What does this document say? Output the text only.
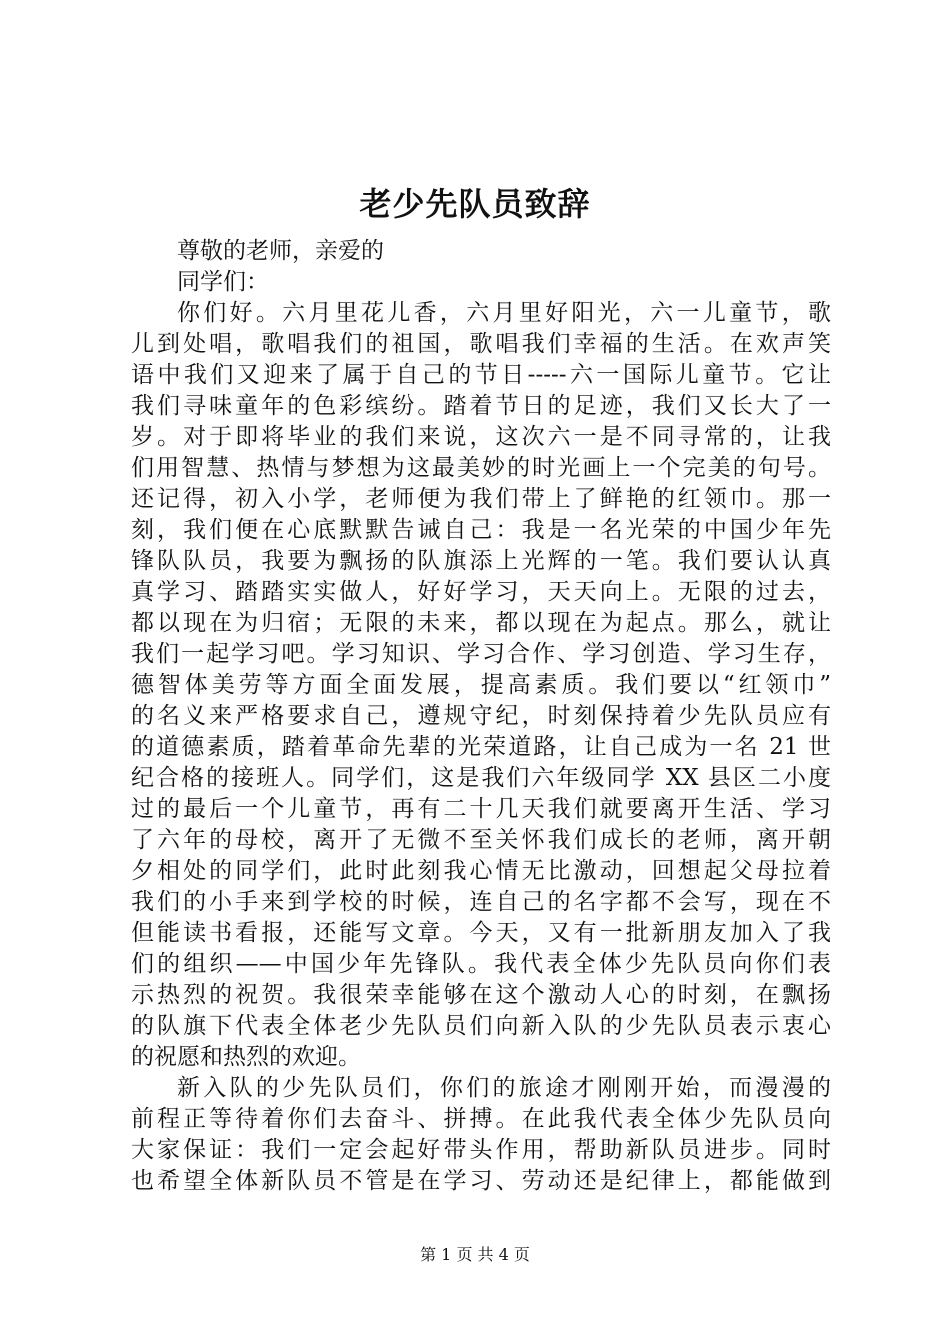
老少先队员致辞
尊敬的老师，亲爱的
同学们：
你们好。六月里花儿香，六月里好阳光，六一儿童节，歌
儿到处唱，歌唱我们的祖国，歌唱我们幸福的生活。在欢声笑
语中我们又迎来了属于自己的节日-----六一国际儿童节。它让
我们寻味童年的色彩缤纷。踏着节日的足迹，我们又长大了一
岁。对于即将毕业的我们来说，这次六一是不同寻常的，让我
们用智慧、热情与梦想为这最美妙的时光画上一个完美的句号。
还记得，初入小学，老师便为我们带上了鲜艳的红领巾。那一
刻，我们便在心底默默告诫自己：我是一名光荣的中国少年先
锋队队员，我要为飘扬的队旗添上光辉的一笔。我们要认认真
真学习、踏踏实实做人，好好学习，天天向上。无限的过去，
都以现在为归宿；无限的未来，都以现在为起点。那么，就让
我们一起学习吧。学习知识、学习合作、学习创造、学习生存，
德智体美劳等方面全面发展，提高素质。我们要以“红领巾”
的名义来严格要求自己，遵规守纪，时刻保持着少先队员应有
的道德素质，踏着革命先辈的光荣道路，让自己成为一名 21 世
纪合格的接班人。同学们，这是我们六年级同学 XX 县区二小度
过的最后一个儿童节，再有二十几天我们就要离开生活、学习
了六年的母校，离开了无微不至关怀我们成长的老师，离开朝
夕相处的同学们，此时此刻我心情无比激动，回想起父母拉着
我们的小手来到学校的时候，连自己的名字都不会写，现在不
但能读书看报，还能写文章。今天，又有一批新朋友加入了我
们的组织——中国少年先锋队。我代表全体少先队员向你们表
示热烈的祝贺。我很荣幸能够在这个激动人心的时刻，在飘扬
的队旗下代表全体老少先队员们向新入队的少先队员表示衷心
的祝愿和热烈的欢迎。
新入队的少先队员们，你们的旅途才刚刚开始，而漫漫的
前程正等待着你们去奋斗、拼搏。在此我代表全体少先队员向
大家保证：我们一定会起好带头作用，帮助新队员进步。同时
也希望全体新队员不管是在学习、劳动还是纪律上，都能做到
第 1 页 共 4 页
